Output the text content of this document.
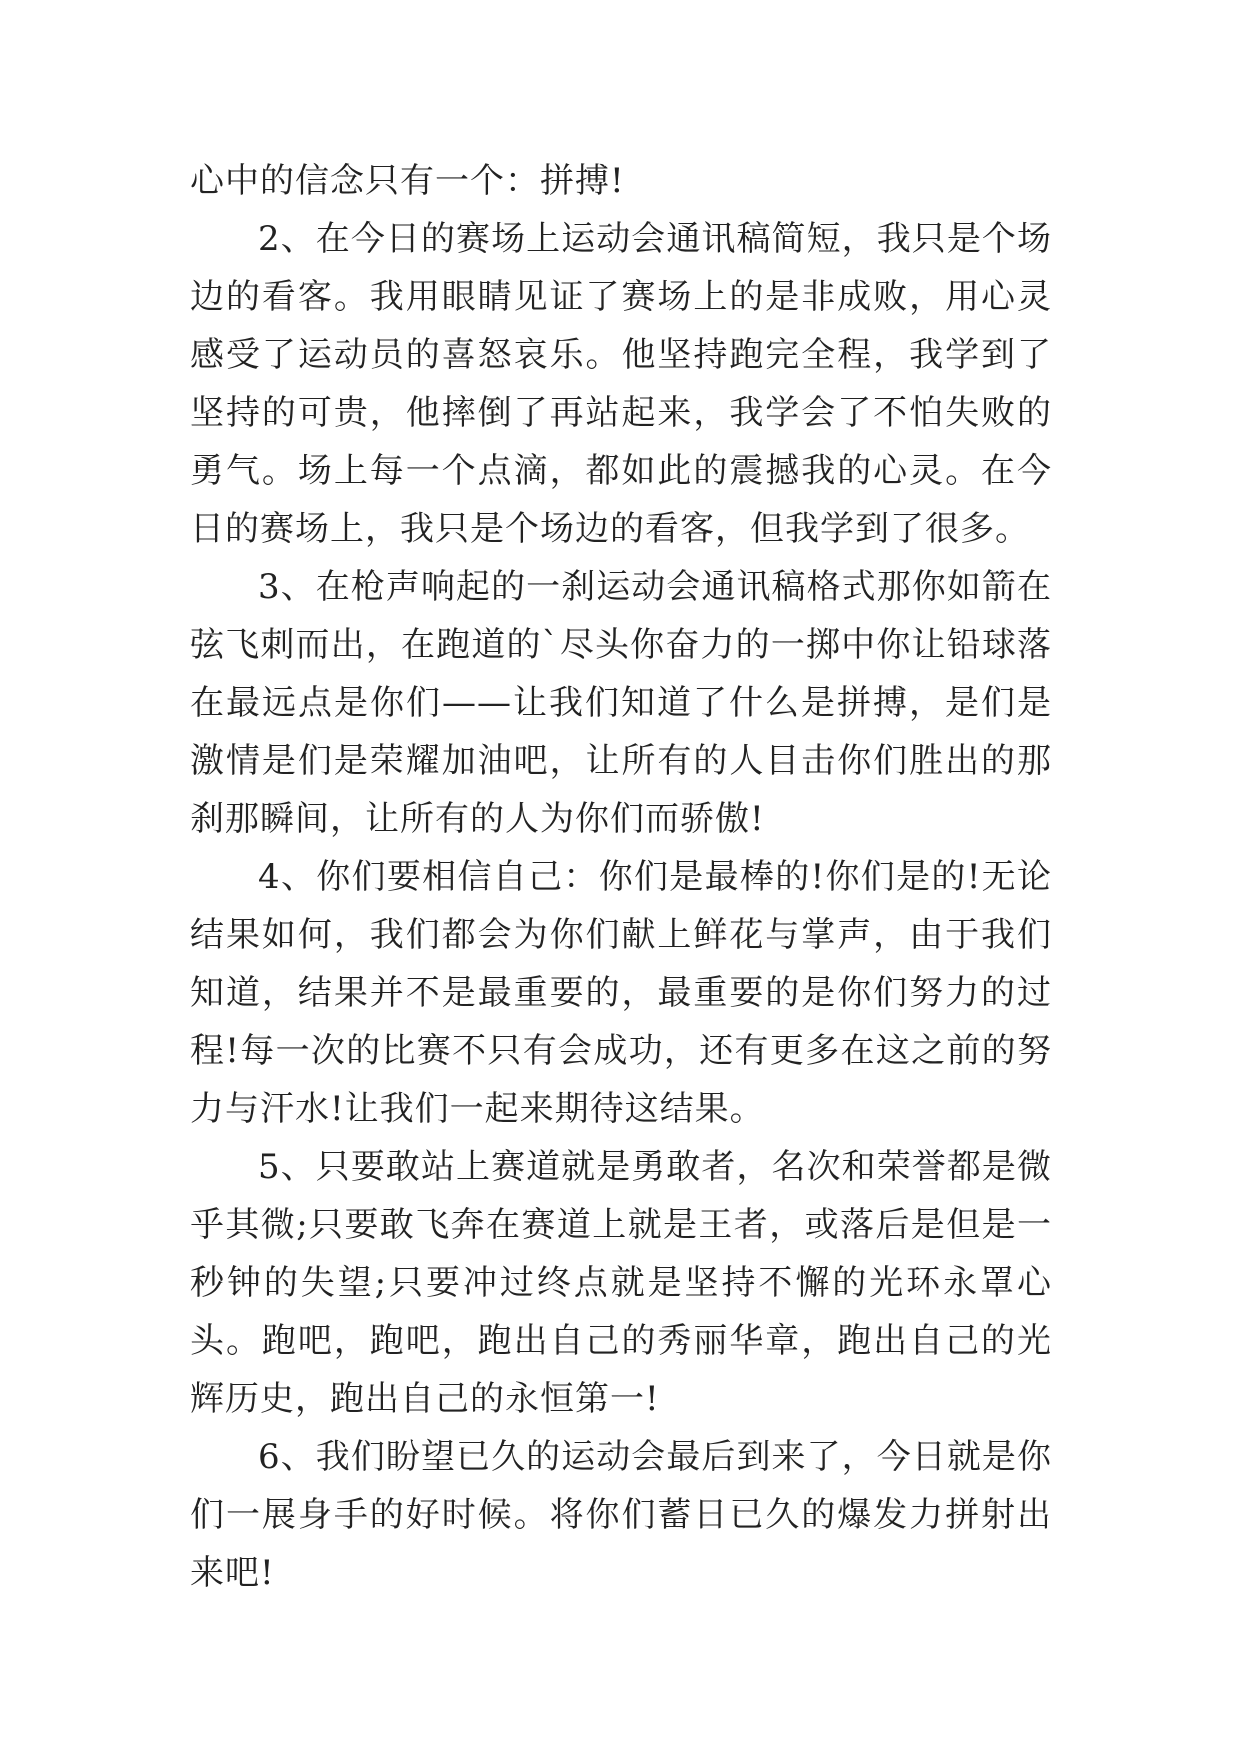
心中的信念只有一个：拼搏!

2、在今日的赛场上运动会通讯稿简短，我只是个场边的看客。我用眼睛见证了赛场上的是非成败，用心灵感受了运动员的喜怒哀乐。他坚持跑完全程，我学到了坚持的可贵，他摔倒了再站起来，我学会了不怕失败的勇气。场上每一个点滴，都如此的震撼我的心灵。在今日的赛场上，我只是个场边的看客，但我学到了很多。

3、在枪声响起的一刹运动会通讯稿格式那你如箭在弦飞刺而出，在跑道的`尽头你奋力的一掷中你让铅球落在最远点是你们——让我们知道了什么是拼搏，是们是激情是们是荣耀加油吧，让所有的人目击你们胜出的那刹那瞬间，让所有的人为你们而骄傲!

4、你们要相信自己：你们是最棒的!你们是的!无论结果如何，我们都会为你们献上鲜花与掌声，由于我们知道，结果并不是最重要的，最重要的是你们努力的过程!每一次的比赛不只有会成功，还有更多在这之前的努力与汗水!让我们一起来期待这结果。

5、只要敢站上赛道就是勇敢者，名次和荣誉都是微乎其微;只要敢飞奔在赛道上就是王者，或落后是但是一秒钟的失望;只要冲过终点就是坚持不懈的光环永罩心头。跑吧，跑吧，跑出自己的秀丽华章，跑出自己的光辉历史，跑出自己的永恒第一!

6、我们盼望已久的运动会最后到来了，今日就是你们一展身手的好时候。将你们蓄日已久的爆发力拼射出来吧!
